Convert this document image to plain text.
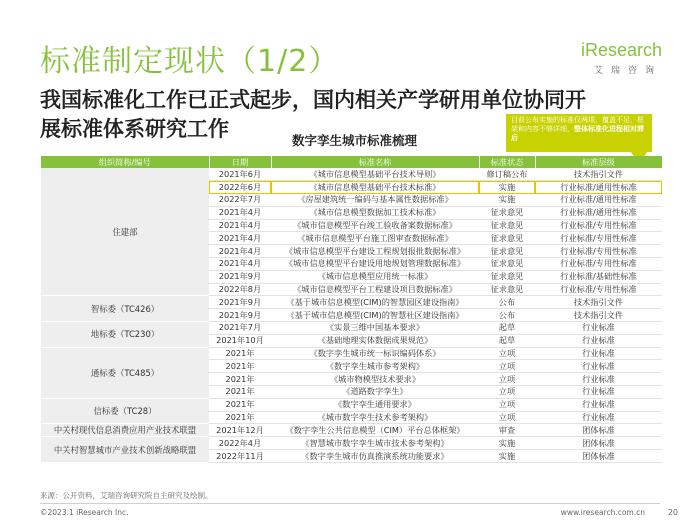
标准制定现状（1/2）	iResearch
艾瑞咨询
我国标准化工作已正式起步，国内相关产学研用单位协同开
展标准体系研究工作	数字孪生城市标准梳理
目前公布实施的标准仅两项，覆盖不足，框架和内容不够详细，整体标准化进程相对滞后
组织简称/编号	日期	标准名称	标准状态	标准层级
住建部	2021年6月	《城市信息模型基础平台技术导则》	修订稿公布	技术指引文件
	2022年6月	《城市信息模型基础平台技术标准》	实施	行业标准/通用性标准
	2022年7月	《房屋建筑统一编码与基本属性数据标准》	实施	行业标准/通用性标准
	2021年4月	《城市信息模型数据加工技术标准》	征求意见	行业标准/通用性标准
	2021年4月	《城市信息模型平台竣工验收备案数据标准》	征求意见	行业标准/专用性标准
	2021年4月	《城市信息模型平台施工图审查数据标准》	征求意见	行业标准/专用性标准
	2021年4月	《城市信息模型平台建设工程规划报批数据标准》	征求意见	行业标准/专用性标准
	2021年4月	《城市信息模型平台建设用地规划管理数据标准》	征求意见	行业标准/专用性标准
	2021年9月	《城市信息模型应用统一标准》	征求意见	行业标准/基础性标准
	2022年8月	《城市信息模型平台工程建设项目数据标准》	征求意见	行业标准/专用性标准
智标委（TC426）	2021年9月	《基于城市信息模型(CIM)的智慧园区建设指南》	公布	技术指引文件
	2021年9月	《基于城市信息模型(CIM)的智慧社区建设指南》	公布	技术指引文件
地标委（TC230）	2021年7月	《实景三维中国基本要求》	起草	行业标准
	2021年10月	《基础地理实体数据成果规范》	起草	行业标准
通标委（TC485）	2021年	《数字孪生城市统一标识编码体系》	立项	行业标准
	2021年	《数字孪生城市参考架构》	立项	行业标准
	2021年	《城市物模型技术要求》	立项	行业标准
	2021年	《道路数字孪生》	立项	行业标准
信标委（TC28）	2021年	《数字孪生通用要求》	立项	行业标准
	2021年	《城市数字孪生技术参考架构》	立项	行业标准
中关村现代信息消费应用产业技术联盟	2021年12月	《数字孪生公共信息模型（CIM）平台总体框架》	审查	团体标准
中关村智慧城市产业技术创新战略联盟	2022年4月	《智慧城市数字孪生城市技术参考架构》	实施	团体标准
	2022年11月	《数字孪生城市仿真推演系统功能要求》	实施	团体标准
来源：公开资料，艾瑞咨询研究院自主研究及绘制。
©2023.1 iResearch Inc.	www.iresearch.com.cn	20
